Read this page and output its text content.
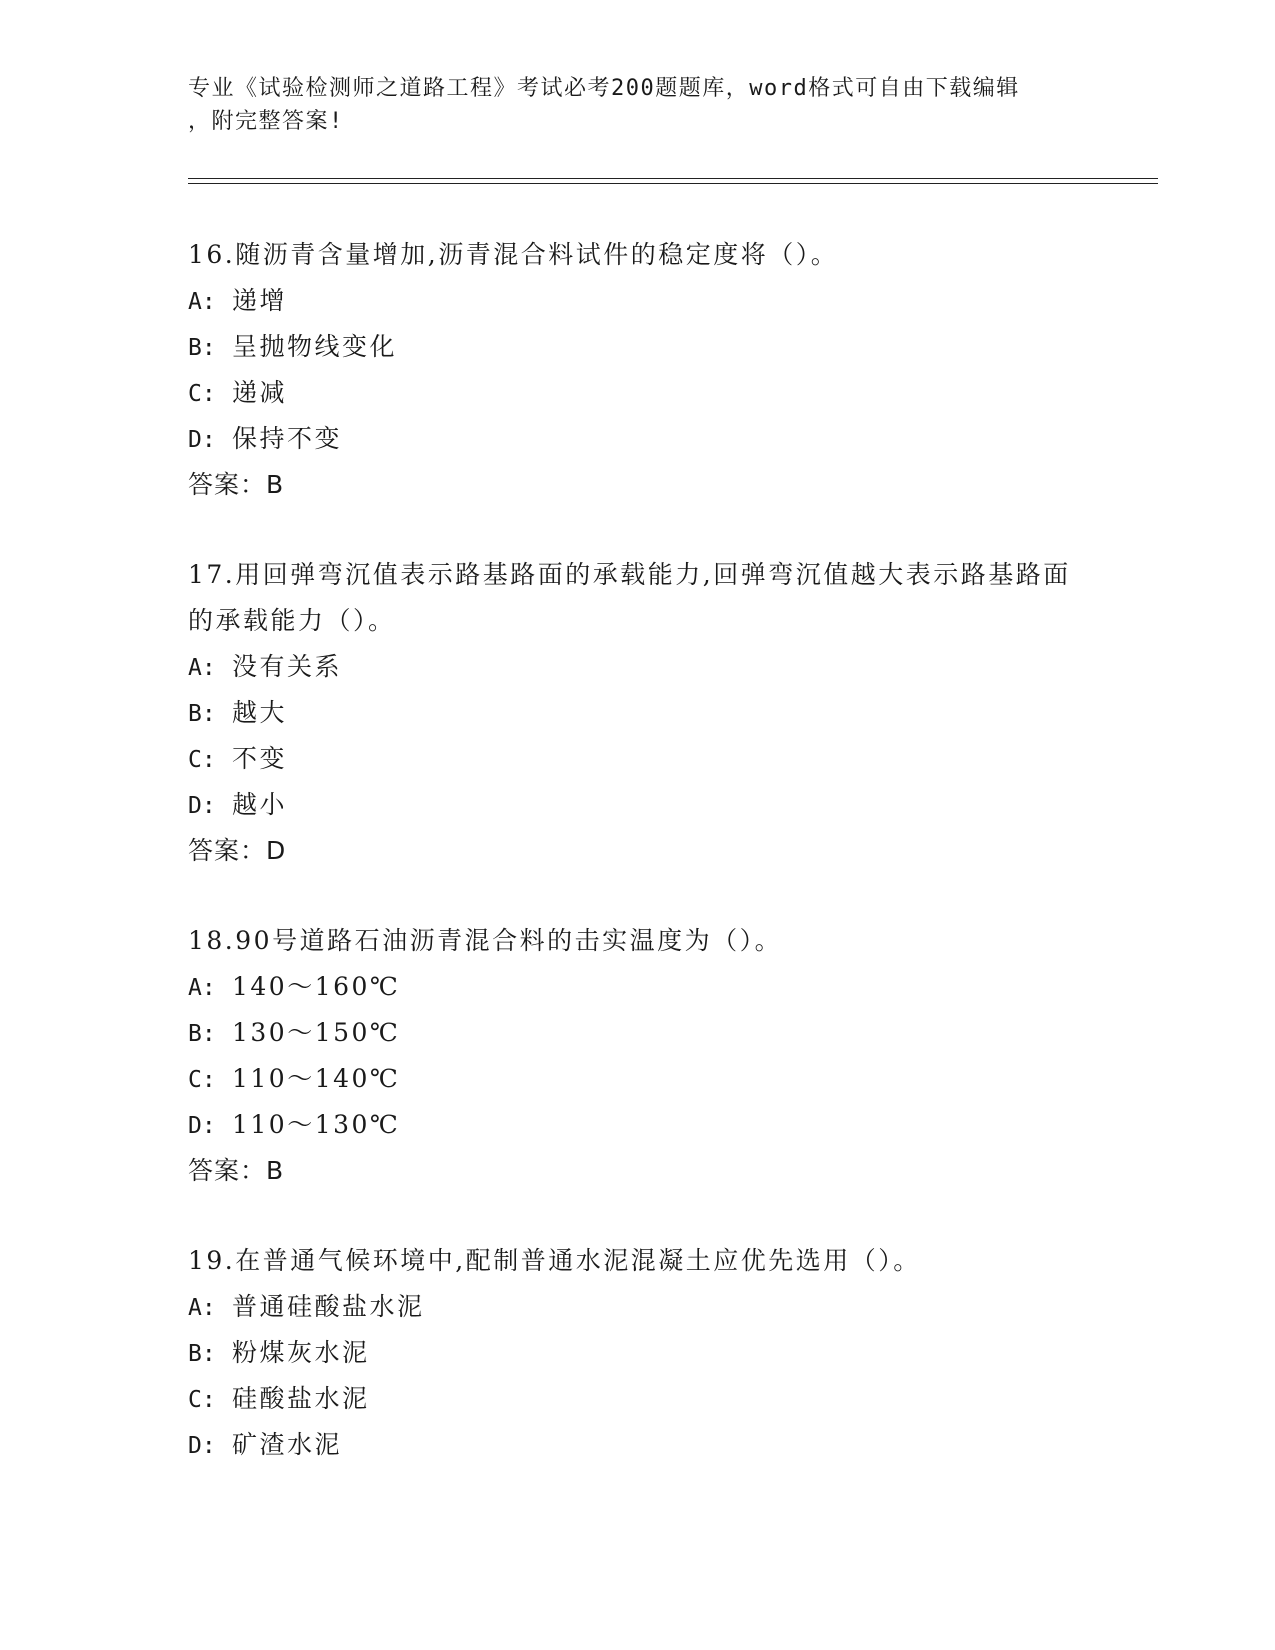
专业《试验检测师之道路工程》考试必考200题题库，word格式可自由下载编辑
，附完整答案!
16.随沥青含量增加,沥青混合料试件的稳定度将（）。
A: 递增
B: 呈抛物线变化
C: 递减
D: 保持不变
答案：B
17.用回弹弯沉值表示路基路面的承载能力,回弹弯沉值越大表示路基路面的承载能力（）。
A: 没有关系
B: 越大
C: 不变
D: 越小
答案：D
18.90号道路石油沥青混合料的击实温度为（）。
A: 140～160℃
B: 130～150℃
C: 110～140℃
D: 110～130℃
答案：B
19.在普通气候环境中,配制普通水泥混凝土应优先选用（）。
A: 普通硅酸盐水泥
B: 粉煤灰水泥
C: 硅酸盐水泥
D: 矿渣水泥
